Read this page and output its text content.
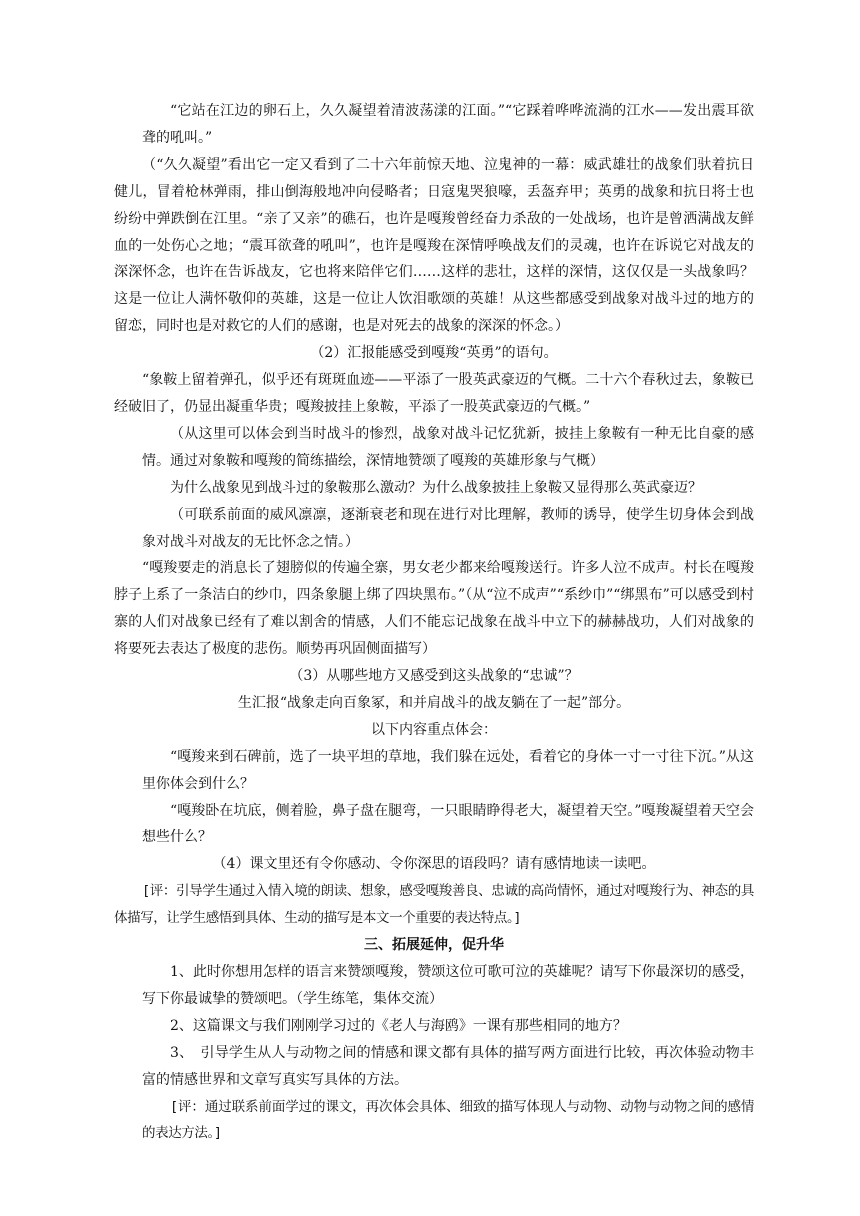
“它站在江边的卵石上，久久凝望着清波荡漾的江面。”“它踩着哗哗流淌的江水——发出震耳欲聋的吼叫。”

（“久久凝望”看出它一定又看到了二十六年前惊天地、泣鬼神的一幕：威武雄壮的战象们驮着抗日健儿，冒着枪林弹雨，排山倒海般地冲向侵略者；日寇鬼哭狼嚎，丢盔弃甲；英勇的战象和抗日将士也纷纷中弹跌倒在江里。“亲了又亲”的礁石，也许是嘎羧曾经奋力杀敌的一处战场，也许是曾洒满战友鲜血的一处伤心之地；“震耳欲聋的吼叫”，也许是嘎羧在深情呼唤战友们的灵魂，也许在诉说它对战友的深深怀念，也许在告诉战友，它也将来陪伴它们……这样的悲壮，这样的深情，这仅仅是一头战象吗？这是一位让人满怀敬仰的英雄，这是一位让人饮泪歌颂的英雄！从这些都感受到战象对战斗过的地方的留恋，同时也是对救它的人们的感谢，也是对死去的战象的深深的怀念。）

（2）汇报能感受到嘎羧“英勇”的语句。

“象鞍上留着弹孔，似乎还有斑斑血迹——平添了一股英武豪迈的气概。二十六个春秋过去，象鞍已经破旧了，仍显出凝重华贵；嘎羧披挂上象鞍，平添了一股英武豪迈的气概。”

（从这里可以体会到当时战斗的惨烈，战象对战斗记忆犹新，披挂上象鞍有一种无比自豪的感情。通过对象鞍和嘎羧的简练描绘，深情地赞颂了嘎羧的英雄形象与气概）

为什么战象见到战斗过的象鞍那么激动？为什么战象披挂上象鞍又显得那么英武豪迈？

（可联系前面的威风凛凛，逐渐衰老和现在进行对比理解，教师的诱导，使学生切身体会到战象对战斗对战友的无比怀念之情。）

“嘎羧要走的消息长了翅膀似的传遍全寨，男女老少都来给嘎羧送行。许多人泣不成声。村长在嘎羧脖子上系了一条洁白的纱巾，四条象腿上绑了四块黑布。”（从“泣不成声”“系纱巾”“绑黑布”可以感受到村寨的人们对战象已经有了难以割舍的情感，人们不能忘记战象在战斗中立下的赫赫战功，人们对战象的将要死去表达了极度的悲伤。顺势再巩固侧面描写）

（3）从哪些地方又感受到这头战象的“忠诚”？

生汇报“战象走向百象冢，和并肩战斗的战友躺在了一起”部分。

以下内容重点体会：

“嘎羧来到石碑前，选了一块平坦的草地，我们躲在远处，看着它的身体一寸一寸往下沉。”从这里你体会到什么？

“嘎羧卧在坑底，侧着脸，鼻子盘在腿弯，一只眼睛睁得老大，凝望着天空。”嘎羧凝望着天空会想些什么？

（4）课文里还有令你感动、令你深思的语段吗？请有感情地读一读吧。

[评：引导学生通过入情入境的朗读、想象，感受嘎羧善良、忠诚的高尚情怀，通过对嘎羧行为、神态的具体描写，让学生感悟到具体、生动的描写是本文一个重要的表达特点。]

三、拓展延伸，促升华

1、此时你想用怎样的语言来赞颂嘎羧，赞颂这位可歌可泣的英雄呢？请写下你最深切的感受，写下你最诚挚的赞颂吧。（学生练笔，集体交流）

2、这篇课文与我们刚刚学习过的《老人与海鸥》一课有那些相同的地方？

3、　引导学生从人与动物之间的情感和课文都有具体的描写两方面进行比较，再次体验动物丰富的情感世界和文章写真实写具体的方法。

[评：通过联系前面学过的课文，再次体会具体、细致的描写体现人与动物、动物与动物之间的感情的表达方法。]
